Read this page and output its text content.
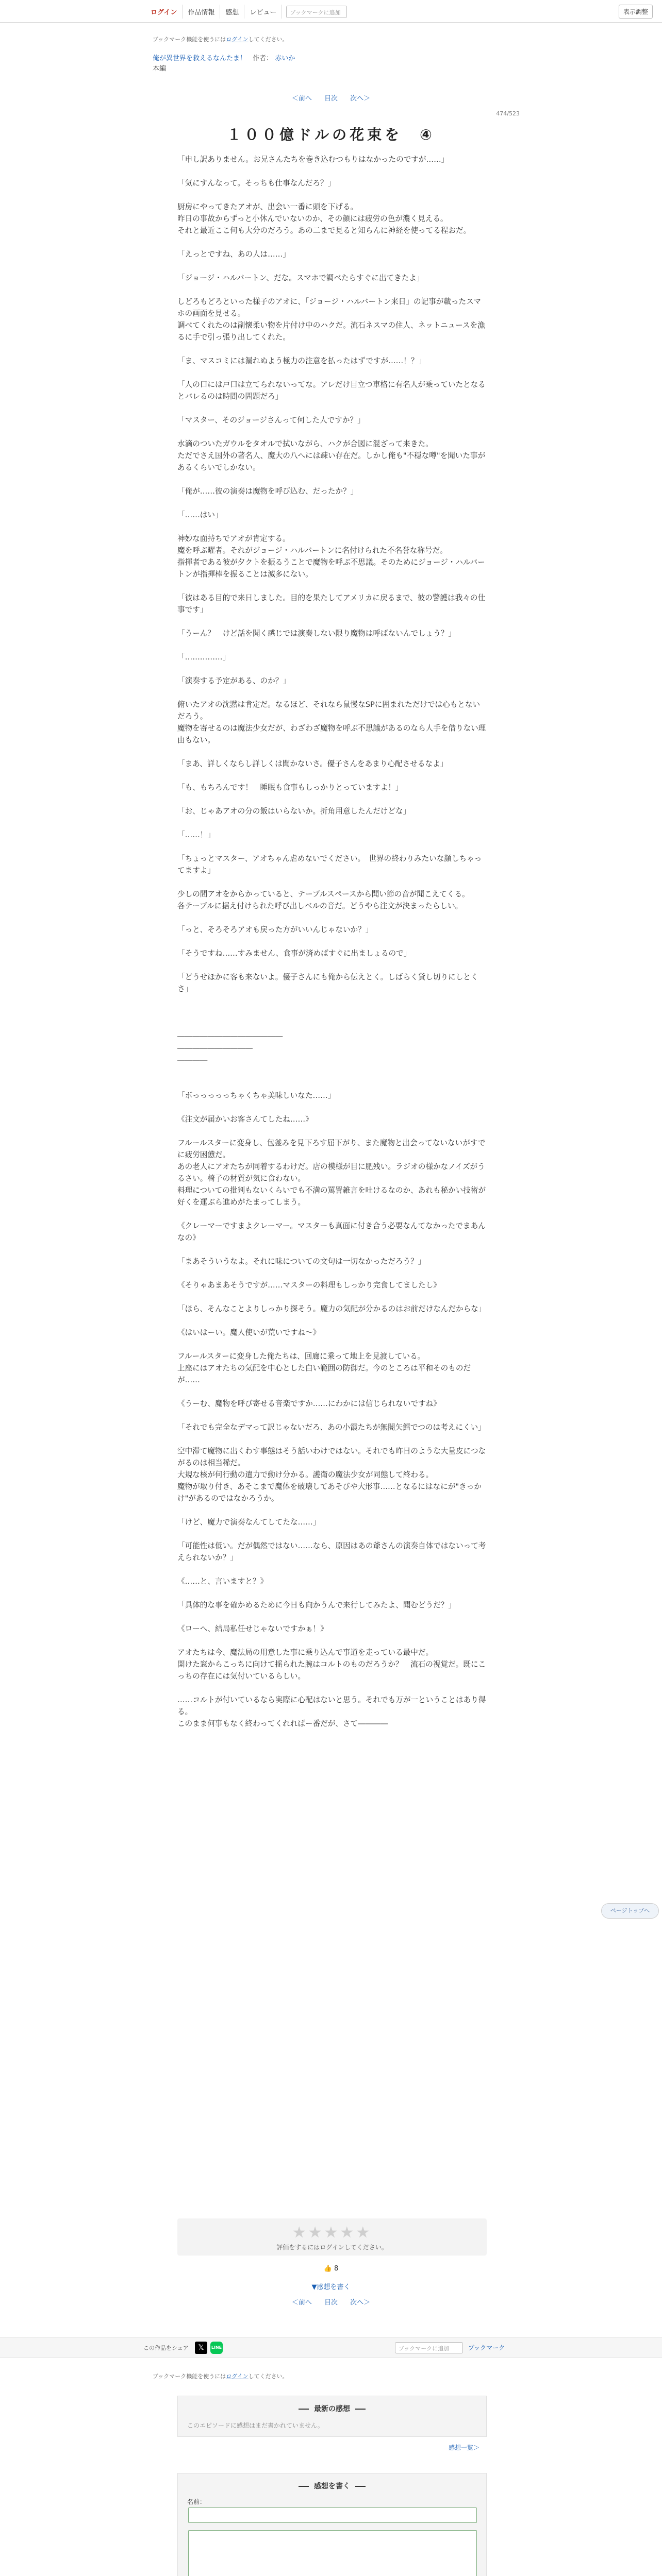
ログイン	作品情報	感想	レビュー	ブックマークに追加	表示調整
ブックマーク機能を使うにはログインしてください。
俺が異世界を救えるなんたま！ 作者： 赤いか
本編
＜前へ 目次 次へ＞
474/523
１００億ドルの花束を　④

「申し訳ありません。お兄さんたちを巻き込むつもりはなかったのですが……」

「気にすんなって。そっちも仕事なんだろ？」

厨房にやってきたアオが、出会い一番に頭を下げる。

昨日の事故からずっと小休んでいないのか、その顔には疲労の色が濃く見える。

それと最近ここ何も大分のだろう。あの二まで見ると知らんに神経を使ってる程おだ。

「えっとですね、あの人は……」

「ジョージ・ハルバートン、だな。スマホで調べたらすぐに出てきたよ」

しどろもどろといった様子のアオに、「ジョージ・ハルバートン来日」の記事が載ったスマホの画面を見せる。

調べてくれたのは副懐柔い物を片付け中のハクだ。流石ネスマの住人、ネットニュースを漁るに手で引っ張り出してくれた。

「ま、マスコミには漏れぬよう極力の注意を払ったはずですが……！？」

「人の口には戸口は立てられないってな。アレだけ目立つ車格に有名人が乗っていたとなるとバレるのは時間の問題だろ」

「マスター、そのジョージさんって何した人ですか？」

水滴のついたガウルをタオルで拭いながら、ハクが合図に混ざって来きた。

ただでさえ国外の著名人、魔大の八へには疎い存在だ。しかし俺も"不穏な噂"を聞いた事があるくらいでしかない。

「俺が……彼の演奏は魔物を呼び込む、だったか？」

「……はい」

神妙な面持ちでアオが肯定する。

魔を呼ぶ曜者。それがジョージ・ハルバートンに名付けられた不名誉な称号だ。

指揮者である彼が夕クトを振るうことで魔物を呼ぶ不思議。そのためにジョージ・ハルバートンが指揮棒を振ることは滅多にない。

「彼はある目的で来日しました。目的を果たしてアメリカに戻るまで、彼の警護は我々の仕事です」

「うーん？　けど話を聞く感じでは演奏しない限り魔物は呼ばないんでしょう？」

「……………」

「演奏する予定がある、のか？」

俯いたアオの沈黙は肯定だ。なるほど、それなら鼠慢なSPに囲まれただけでは心もとないだろう。

魔物を寄せるのは魔法少女だが、わざわざ魔物を呼ぶ不思議があるのなら人手を借りない理由もない。

「まあ、詳しくならし詳しくは聞かないさ。優子さんをあまり心配させるなよ」

「も、もちろんです！　睡眠も食事もしっかりとっていますよ！」

「お、じゃあアオの分の飯はいらないか。折角用意したんだけどな」

「……！」

「ちょっとマスター、アオちゃん虐めないでください。　世界の終わりみたいな顔しちゃってますよ」

少しの間アオをからかっていると、テーブルスペースから聞い節の音が聞こえてくる。

各テーブルに据え付けられた呼び出しベルの音だ。どうやら注文が決まったらしい。

「っと、そろそろアオも戻った方がいいんじゃないか？」

「そうですね……すみません、食事が済めばすぐに出ましょるので」

「どうせほかに客も来ないよ。優子さんにも俺から伝えとく。しばらく貸し切りにしとくさ」

――――――――――――――

――――――――――

――――

「ボっっっっっちゃくちゃ美味しいなた……」

《注文が届かいお客さんてしたね……》

フルールスターに変身し、包釜みを見下ろす屈下がり、また魔物と出会ってないないがすでに疲労困憊だ。

あの老人にアオたちが同着するわけだ。店の模様が目に肥残い。ラジオの様かなノイズがうるさい。椅子の材質が気に食わない。

料理についての批判もないくらいでも不満の罵詈雑言を吐けるなのか、あれも秘かい技術が好くを運ぶら進めがたまってしまう。

《クレーマーですまよクレーマー。マスターも真面に付き合う必要なんてなかったでまあんなの》

「まあそういうなよ。それに味についての文句は一切なかっただろう？」

《そりゃあまあそうですが……マスターの料理もしっかり完食してましたし》

「ほら、そんなことよりしっかり探そう。魔力の気配が分かるのはお前だけなんだからな」

《はいはーい。魔人使いが荒いですね～》

フルールスターに変身した俺たちは、回廊に乗って地上を見渡している。

上座にはアオたちの気配を中心とした白い範囲の防御だ。今のところは平和そのものだが……

《うーむ、魔物を呼び寄せる音楽ですか……にわかには信じられないですね》

「それでも完全なデマって訳じゃないだろ、あの小霞たちが無闇矢鱈でつのは考えにくい」

空中滞て魔物に出くわす事態はそう話いわけではない。それでも昨日のような大量皮につながるのは相当稀だ。

大規な核が何行動の遺力で動け分かる。護衛の魔法少女が同態して終わる。

魔物が取り付き、あそこまで魔体を破壊してあそびや大形事……となるにはなにが"きっかけ"があるのではなかろうか。

「けど、魔力で演奏なんてしてたな……」

「可能性は低い。だが偶然ではない……なら、原因はあの爺さんの演奏自体ではないって考えられないか？」

《……と、言いますと？》

「具体的な事を確かめるために今日も向かうんで来行してみたよ、聞むどうだ？」

《ローへ、結局私任せじゃないですかぁ！》

アオたちは今、魔法局の用意した事に乗り込んで事道を走っている最中だ。

開けた窓からこっちに向けて揺られた腕はコルトのものだろうか？　流石の視覚だ。既にこっちの存在には気付いているらしい。

……コルトが付いているなら実際に心配はないと思う。それでも万が一ということはあり得る。

このまま何事もなく終わってくれればー番だが、さて――――

ページトップへ
★★★★★
評価をするにはログインしてください。
👍 8
▼感想を書く
＜前へ 目次 次へ＞
この作品をシェア	𝕏	LINE	ブックマークに追加	ブックマーク
ブックマーク機能を使うにはログインしてください。
最新の感想
このエピソードに感想はまだ書かれていません。
感想一覧＞
感想を書く
名前：
